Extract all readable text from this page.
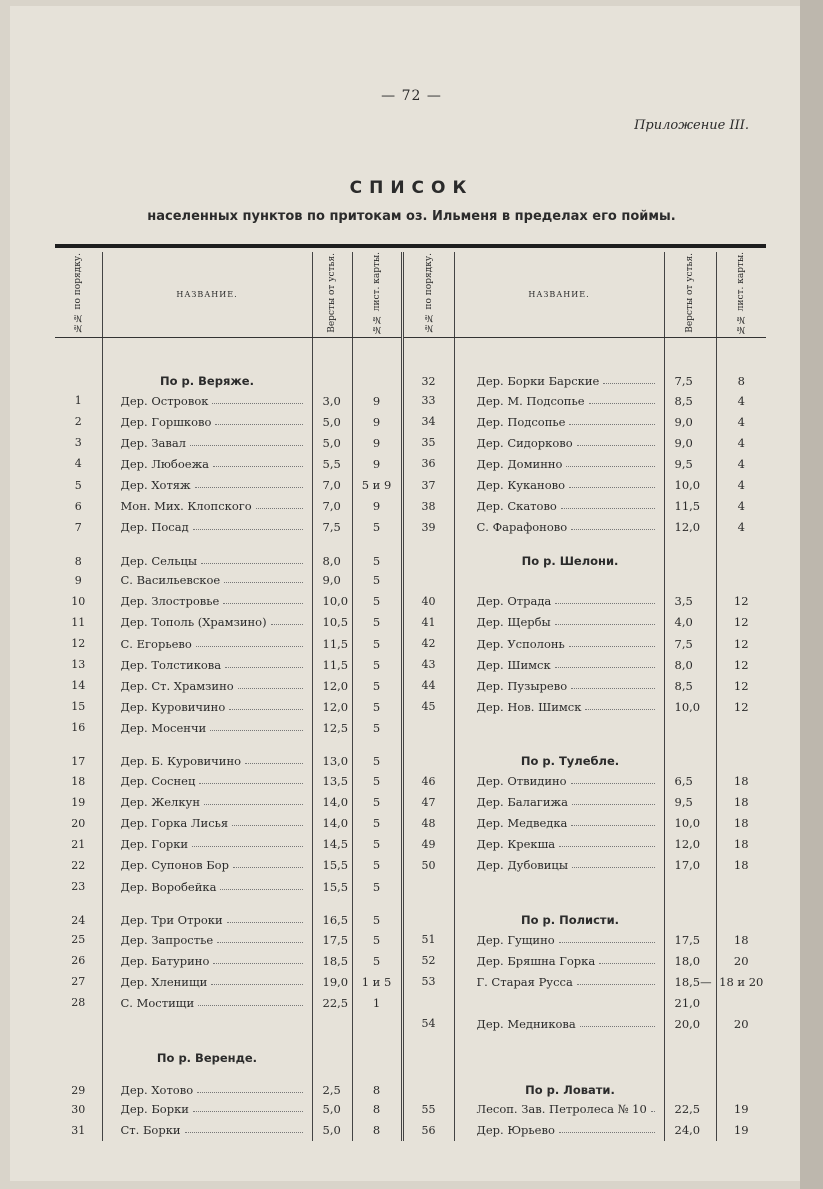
— 72 —
Приложение III.
СПИСОК
населенных пунктов по притокам оз. Ильменя в пределах его поймы.
№№ по порядку.	НАЗВАНИЕ.	Версты от устья.	№№ лист. карты.	№№ по порядку.	НАЗВАНИЕ.	Версты от устья.	№№ лист. карты.

	По р. Веряже.			32	Дер. Борки Барские	7,5	8
1	Дер. Островок	3,0	9	33	Дер. М. Подсопье	8,5	4
2	Дер. Горшково	5,0	9	34	Дер. Подсопье	9,0	4
3	Дер. Завал	5,0	9	35	Дер. Сидорково	9,0	4
4	Дер. Любоежа	5,5	9	36	Дер. Доминно	9,5	4
5	Дер. Хотяж	7,0	5 и 9	37	Дер. Куканово	10,0	4
6	Мон. Мих. Клопского	7,0	9	38	Дер. Скатово	11,5	4
7	Дер. Посад	7,5	5	39	С. Фарафоново	12,0	4
8	Дер. Сельцы	8,0	5		По р. Шелони.		
9	С. Васильевское	9,0	5				
10	Дер. Злостровье	10,0	5	40	Дер. Отрада	3,5	12
11	Дер. Тополь (Храмзино)	10,5	5	41	Дер. Щербы	4,0	12
12	С. Егорьево	11,5	5	42	Дер. Усполонь	7,5	12
13	Дер. Толстикова	11,5	5	43	Дер. Шимск	8,0	12
14	Дер. Ст. Храмзино	12,0	5	44	Дер. Пузырево	8,5	12
15	Дер. Куровичино	12,0	5	45	Дер. Нов. Шимск	10,0	12
16	Дер. Мосенчи	12,5	5				
17	Дер. Б. Куровичино	13,0	5		По р. Тулебле.		
18	Дер. Соснец	13,5	5	46	Дер. Отвидино	6,5	18
19	Дер. Желкун	14,0	5	47	Дер. Балагижа	9,5	18
20	Дер. Горка Лисья	14,0	5	48	Дер. Медведка	10,0	18
21	Дер. Горки	14,5	5	49	Дер. Крекша	12,0	18
22	Дер. Супонов Бор	15,5	5	50	Дер. Дубовицы	17,0	18
23	Дер. Воробейка	15,5	5				
24	Дер. Три Отроки	16,5	5		По р. Полисти.		
25	Дер. Запростье	17,5	5	51	Дер. Гущино	17,5	18
26	Дер. Батурино	18,5	5	52	Дер. Бряшна Горка	18,0	20
27	Дер. Хленищи	19,0	1 и 5	53	Г. Старая Русса	18,5—	18 и 20
28	С. Мостищи	22,5	1			21,0	
				54	Дер. Медникова	20,0	20
	По р. Веренде.						
29	Дер. Хотово	2,5	8		По р. Ловати.		
30	Дер. Борки	5,0	8	55	Лесоп. Зав. Петролеса № 10	22,5	19
31	Ст. Борки	5,0	8	56	Дер. Юрьево	24,0	19
